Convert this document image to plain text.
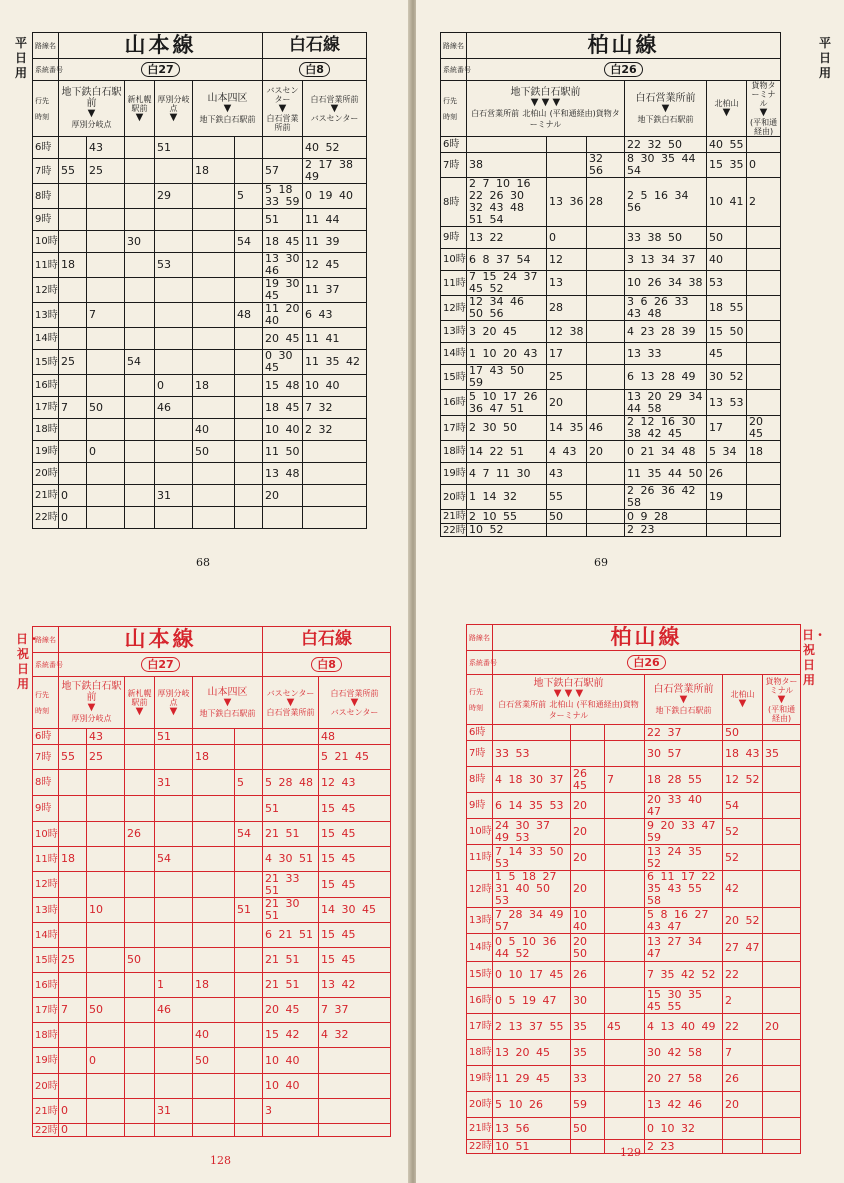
平日用
路線名	山本線						白石線	
系統番号	白27						白8	
行先

時刻	地下鉄白石駅前
▼
厚別分岐点		新札幌駅前
▼	厚別分岐点
▼	山本四区
▼
地下鉄白石駅前		バスセンター
▼
白石営業所前	白石営業所前
▼
バスセンター
6時		43		51				40 52
7時	55	25			18		57	2 17 38 49
8時				29		5	5 18 33 59	0 19 40
9時							51	11 44
10時			30			54	18 45	11 39
11時	18			53			13 30 46	12 45
12時							19 30 45	11 37
13時		7				48	11 20 40	6 43
14時							20 45	11 41
15時	25		54				0 30 45	11 35 42
16時				0	18		15 48	10 40
17時	7	50		46			18 45	7 32
18時					40		10 40	2 32
19時		0			50		11 50	
20時							13 48	
21時	0			31			20	
22時	0							
68
路線名	柏山線					
系統番号	白26					
行先

時刻	地下鉄白石駅前
▼ ▼ ▼
白石営業所前 北柏山 (平和通経由)貨物ターミナル			白石営業所前
▼
地下鉄白石駅前	北柏山
▼	貨物ターミナル
▼
(平和通経由)
6時				22 32 50	40 55	
7時	38		32 56	8 30 35 44 54	15 35	0
8時	2 7 10 16 22 26 30 32 43 48 51 54	13 36	28	2 5 16 34 56	10 41	2
9時	13 22	0		33 38 50	50	
10時	6 8 37 54	12		3 13 34 37	40	
11時	7 15 24 37 45 52	13		10 26 34 38	53	
12時	12 34 46 50 56	28		3 6 26 33 43 48	18 55	
13時	3 20 45	12 38		4 23 28 39	15 50	
14時	1 10 20 43	17		13 33	45	
15時	17 43 50 59	25		6 13 28 49	30 52	
16時	5 10 17 26 36 47 51	20		13 20 29 34 44 58	13 53	
17時	2 30 50	14 35	46	2 12 16 30 38 42 45	17	20 45
18時	14 22 51	4 43	20	0 21 34 48	5 34	18
19時	4 7 11 30	43		11 35 44 50	26	
20時	1 14 32	55		2 26 36 42 58	19	
21時	2 10 55	50		0 9 28		
22時	10 52			2 23		
平日用
69
日・祝日用
路線名	山本線						白石線	
系統番号	白27						白8	
行先

時刻	地下鉄白石駅前
▼
厚別分岐点		新札幌駅前
▼	厚別分岐点
▼	山本四区
▼
地下鉄白石駅前		バスセンター
▼
白石営業所前	白石営業所前
▼
バスセンター
6時		43		51				48
7時	55	25			18			5 21 45
8時				31		5	5 28 48	12 43
9時							51	15 45
10時			26			54	21 51	15 45
11時	18			54			4 30 51	15 45
12時							21 33 51	15 45
13時		10				51	21 30 51	14 30 45
14時							6 21 51	15 45
15時	25		50				21 51	15 45
16時				1	18		21 51	13 42
17時	7	50		46			20 45	7 37
18時					40		15 42	4 32
19時		0			50		10 40	
20時							10 40	
21時	0			31			3	
22時	0							
128
路線名	柏山線					
系統番号	白26					
行先

時刻	地下鉄白石駅前
▼ ▼ ▼
白石営業所前 北柏山 (平和通経由)貨物ターミナル			白石営業所前
▼
地下鉄白石駅前	北柏山
▼	貨物ターミナル
▼
(平和通経由)
6時				22 37	50	
7時	33 53			30 57	18 43	35
8時	4 18 30 37	26 45	7	18 28 55	12 52	
9時	6 14 35 53	20		20 33 40 47	54	
10時	24 30 37 49 53	20		9 20 33 47 59	52	
11時	7 14 33 50 53	20		13 24 35 52	52	
12時	1 5 18 27 31 40 50 53	20		6 11 17 22 35 43 55 58	42	
13時	7 28 34 49 57	10 40		5 8 16 27 43 47	20 52	
14時	0 5 10 36 44 52	20 50		13 27 34 47	27 47	
15時	0 10 17 45	26		7 35 42 52	22	
16時	0 5 19 47	30		15 30 35 45 55	2	
17時	2 13 37 55	35	45	4 13 40 49	22	20
18時	13 20 45	35		30 42 58	7	
19時	11 29 45	33		20 27 58	26	
20時	5 10 26	59		13 42 46	20	
21時	13 56	50		0 10 32		
22時	10 51			2 23		
日・祝日用
129
